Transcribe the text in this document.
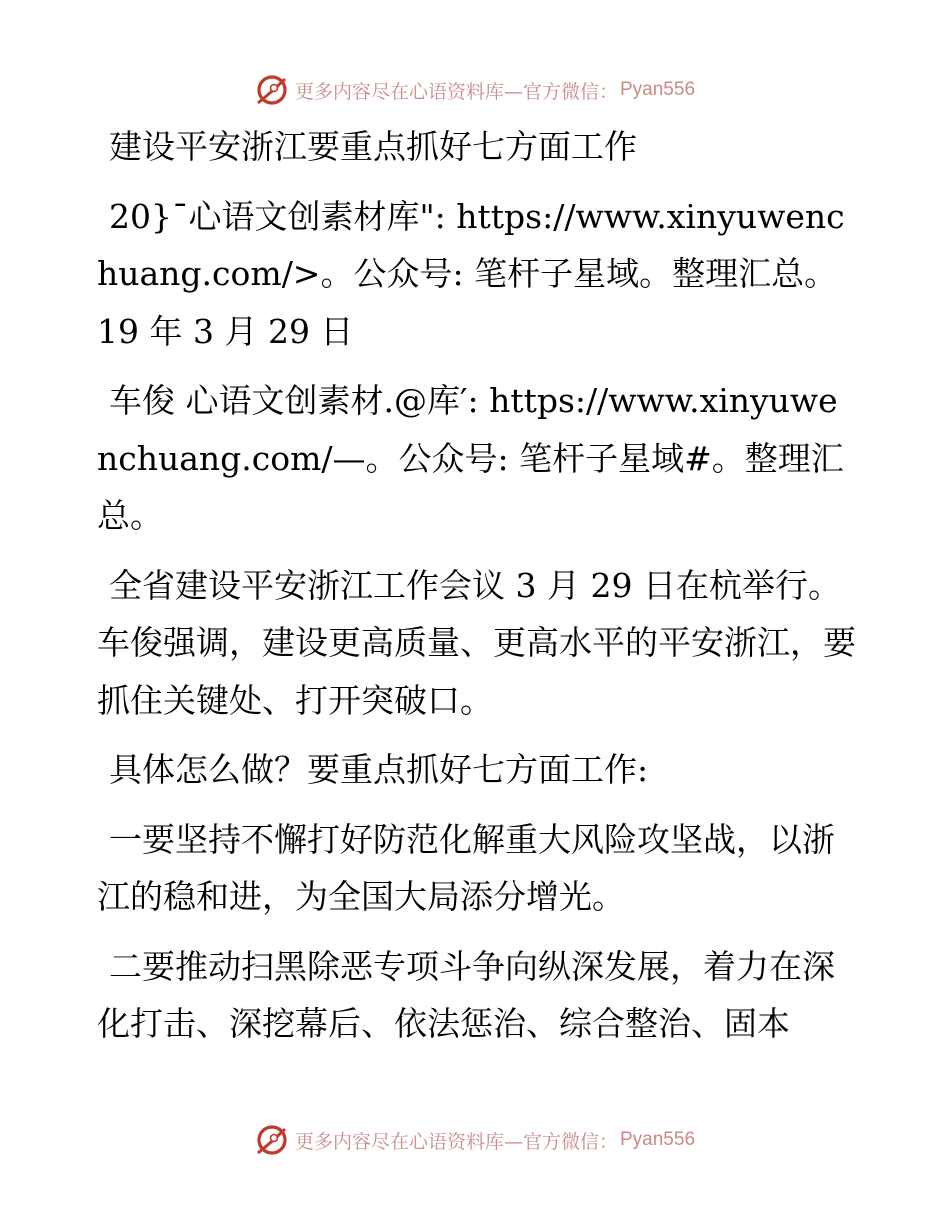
更多内容尽在心语资料库—官方微信： Pyan556

建设平安浙江要重点抓好七方面工作

20}¯心语文创素材库": https://www.xinyuwenchuang.com/>。公众号: 笔杆子星域。整理汇总。19 年 3 月 29 日

车俊 心语文创素材.@库′: https://www.xinyuwenchuang.com/—。公众号: 笔杆子星域#。整理汇总。

全省建设平安浙江工作会议 3 月 29 日在杭举行。车俊强调，建设更高质量、更高水平的平安浙江，要抓住关键处、打开突破口。

具体怎么做？要重点抓好七方面工作:

一要坚持不懈打好防范化解重大风险攻坚战，以浙江的稳和进，为全国大局添分增光。

二要推动扫黑除恶专项斗争向纵深发展，着力在深化打击、深挖幕后、依法惩治、综合整治、固本

更多内容尽在心语资料库—官方微信： Pyan556
